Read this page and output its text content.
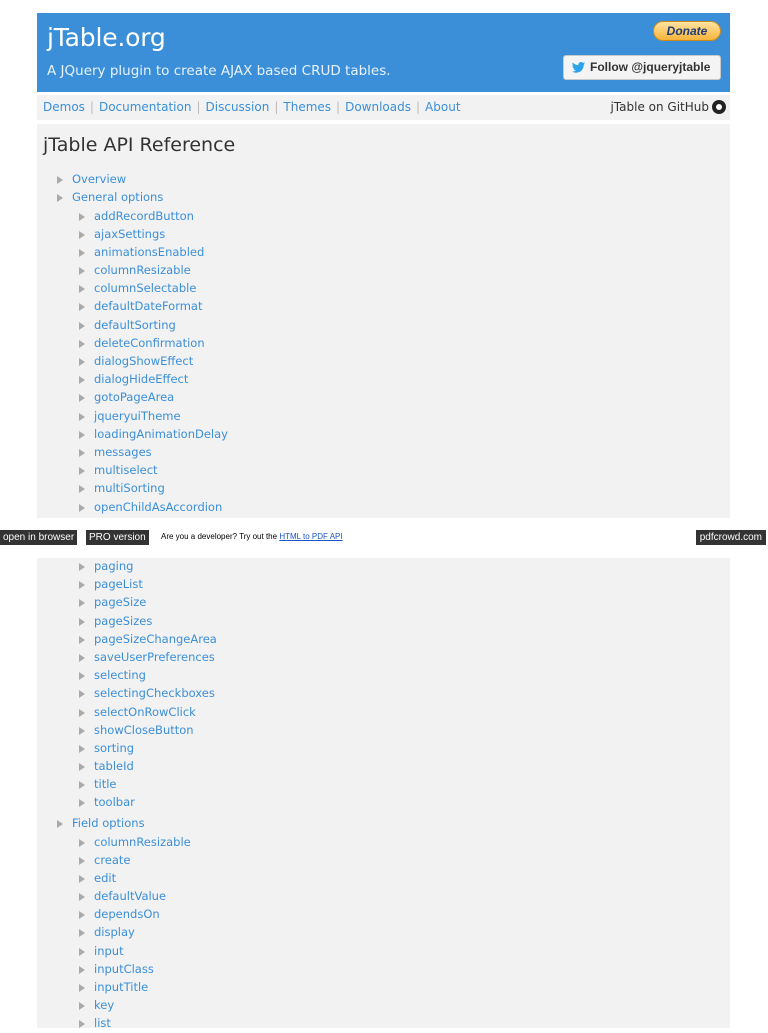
jTable.org
A JQuery plugin to create AJAX based CRUD tables.
Donate
Follow @jqueryjtable
Demos | Documentation | Discussion | Themes | Downloads | About	jTable on GitHub
jTable API Reference
Overview
General options
addRecordButton
ajaxSettings
animationsEnabled
columnResizable
columnSelectable
defaultDateFormat
defaultSorting
deleteConfirmation
dialogShowEffect
dialogHideEffect
gotoPageArea
jqueryuiTheme
loadingAnimationDelay
messages
multiselect
multiSorting
openChildAsAccordion
open in browser	PRO version	Are you a developer? Try out the HTML to PDF API	pdfcrowd.com
paging
pageList
pageSize
pageSizes
pageSizeChangeArea
saveUserPreferences
selecting
selectingCheckboxes
selectOnRowClick
showCloseButton
sorting
tableId
title
toolbar
Field options
columnResizable
create
edit
defaultValue
dependsOn
display
input
inputClass
inputTitle
key
list
